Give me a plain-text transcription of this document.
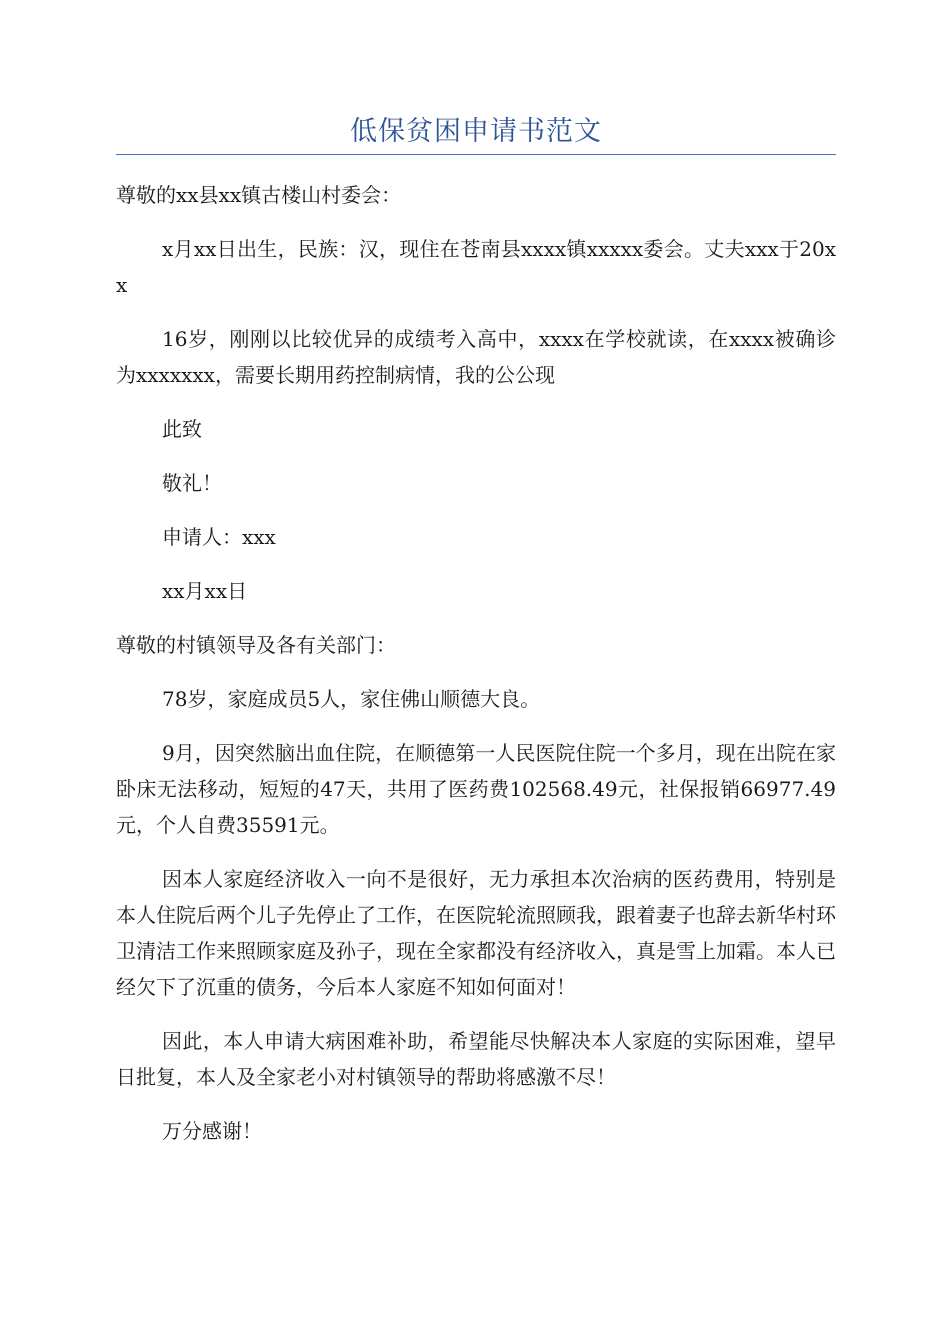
低保贫困申请书范文

尊敬的xx县xx镇古楼山村委会：

x月xx日出生，民族：汉，现住在苍南县xxxx镇xxxxx委会。丈夫xxx于20xx

16岁，刚刚以比较优异的成绩考入高中，xxxx在学校就读，在xxxx被确诊为xxxxxxx，需要长期用药控制病情，我的公公现

此致

敬礼！

申请人：xxx

xx月xx日

尊敬的村镇领导及各有关部门：

78岁，家庭成员5人，家住佛山顺德大良。

9月，因突然脑出血住院，在顺德第一人民医院住院一个多月，现在出院在家卧床无法移动，短短的47天，共用了医药费102568.49元，社保报销66977.49元，个人自费35591元。

因本人家庭经济收入一向不是很好，无力承担本次治病的医药费用，特别是本人住院后两个儿子先停止了工作，在医院轮流照顾我，跟着妻子也辞去新华村环卫清洁工作来照顾家庭及孙子，现在全家都没有经济收入，真是雪上加霜。本人已经欠下了沉重的债务，今后本人家庭不知如何面对！

因此，本人申请大病困难补助，希望能尽快解决本人家庭的实际困难，望早日批复，本人及全家老小对村镇领导的帮助将感激不尽！

万分感谢！
